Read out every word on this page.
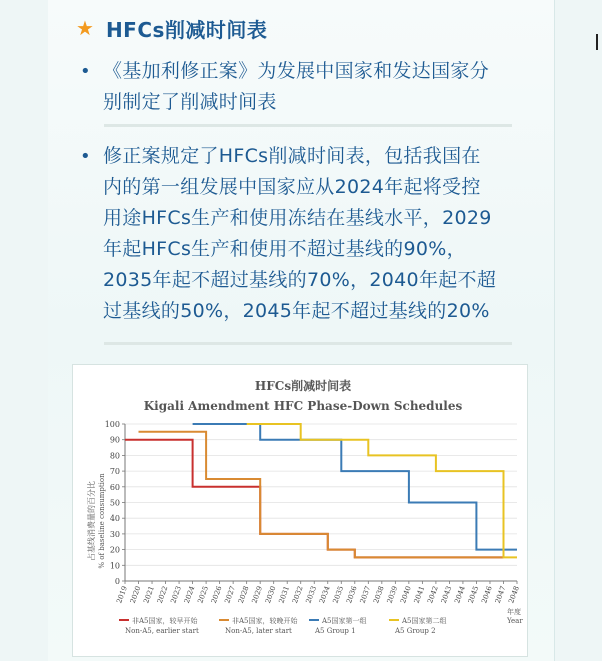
★ HFCs削减时间表
• 《基加利修正案》为发展中国家和发达国家分
别制定了削减时间表
• 修正案规定了HFCs削减时间表，包括我国在
内的第一组发展中国家应从2024年起将受控
用途HFCs生产和使用冻结在基线水平，2029
年起HFCs生产和使用不超过基线的90%，
2035年起不超过基线的70%，2040年起不超
过基线的50%，2045年起不超过基线的20%
HFCs削减时间表
Kigali Amendment HFC Phase-Down Schedules
0
10
20
30
40
50
60
70
80
90
100
2019 2020 2021 2022 2023 2024 2025 2026 2027 2028 2029 2030 2031 2032 2033 2034 2035 2036 2037 2038 2039 2040 2041 2042 2043 2044 2045 2046 2047 2048
占基线消费量的百分比 % of baseline consumption
年度
Year
非A5国家，较早开始
Non-A5, earlier start
非A5国家，较晚开始
Non-A5, later start
A5国家第一组
A5 Group 1
A5国家第二组
A5 Group 2
